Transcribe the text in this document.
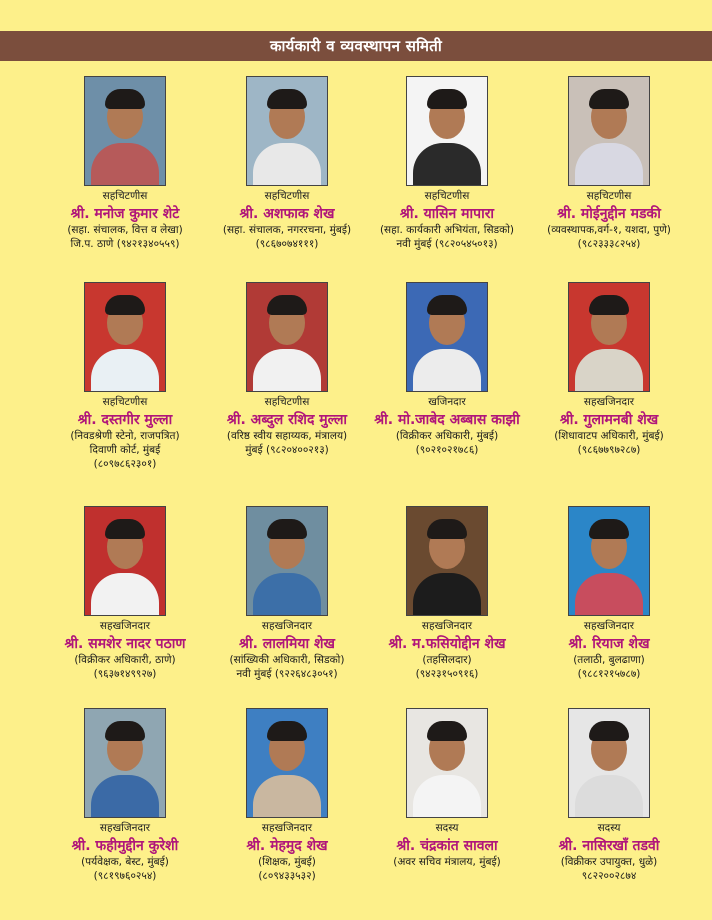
कार्यकारी व व्यवस्थापन समिती
सहचिटणीस
श्री. मनोज कुमार शेटे
(सहा. संचालक, वित्त व लेखा)
जि.प. ठाणे (९४२१३४०५५९)
सहचिटणीस
श्री. अशफाक शेख
(सहा. संचालक, नगररचना, मुंबई)
(९८६७०७४१११)
सहचिटणीस
श्री. यासिन मापारा
(सहा. कार्यकारी अभियंता, सिडको)
नवी मुंबई (९८२०५४५०१३)
सहचिटणीस
श्री. मोईनुद्दीन मडकी
(व्यवस्थापक,वर्ग-१, यशदा, पुणे)
(९८२३३३८२५४)
सहचिटणीस
श्री. दस्तगीर मुल्ला
(निवडश्रेणी स्टेनो, राजपत्रित)
दिवाणी कोर्ट, मुंबई
(८०९७८६२३०१)
सहचिटणीस
श्री. अब्दुल रशिद मुल्ला
(वरिष्ठ स्वीय सहाय्यक, मंत्रालय)
मुंबई (९८२०४००२१३)
खजिनदार
श्री. मो.जाबेद अब्बास काझी
(विक्रीकर अधिकारी, मुंबई)
(९०२१०२१७८६)
सहखजिनदार
श्री. गुलामनबी शेख
(शिधावाटप अधिकारी, मुंबई)
(९८६७७९७२८७)
सहखजिनदार
श्री. समशेर नादर पठाण
(विक्रीकर अधिकारी, ठाणे)
(९६३७१४९९२७)
सहखजिनदार
श्री. लालमिया शेख
(सांख्यिकी अधिकारी, सिडको)
नवी मुंबई (९२२६४८३०५१)
सहखजिनदार
श्री. म.फसियोद्दीन शेख
(तहसिलदार)
(९४२३१५०९१६)
सहखजिनदार
श्री. रियाज शेख
(तलाठी, बुलढाणा)
(९८८१२१५७८७)
सहखजिनदार
श्री. फहीमुद्दीन कुरेशी
(पर्यवेक्षक, बेस्ट, मुंबई)
(९८१९७६०२५४)
सहखजिनदार
श्री. मेहमुद शेख
(शिक्षक, मुंबई)
(८०९४३३५३२)
सदस्य
श्री. चंद्रकांत सावला
(अवर सचिव मंत्रालय, मुंबई)
सदस्य
श्री. नासिरखाँ तडवी
(विक्रीकर उपायुक्त, धुळे)
९८२२००२८७४
